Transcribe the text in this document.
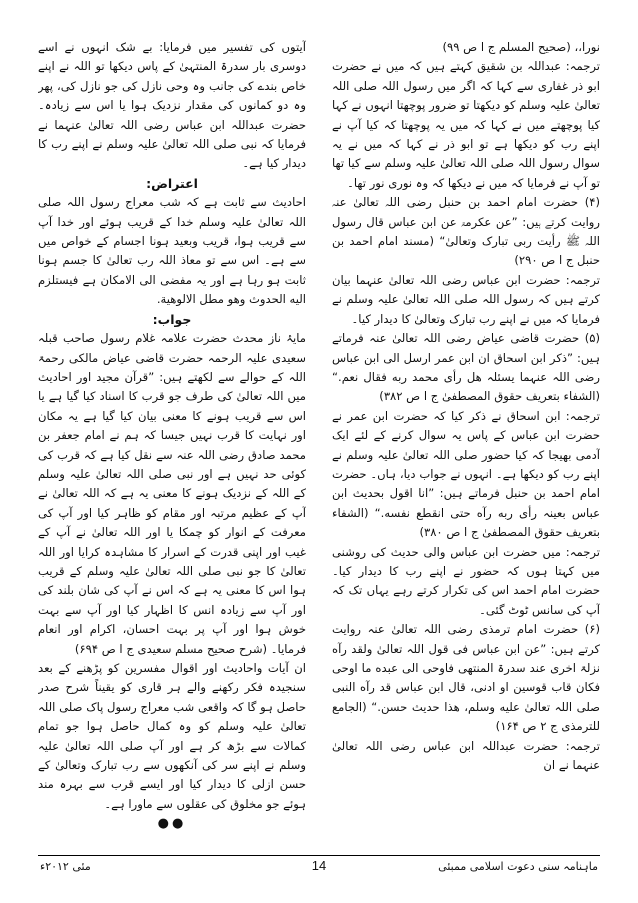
نورا،، (صحیح المسلم ج ا ص ۹۹)

ترجمہ: عبداللہ بن شقیق کہتے ہیں کہ میں نے حضرت ابو ذر غفاری سے کہا کہ اگر میں رسول اللہ صلی اللہ تعالیٰ علیہ وسلم کو دیکھتا تو ضرور پوچھتا انہوں نے کہا کیا پوچھتے میں نے کہا کہ میں یہ پوچھتا کہ کیا آپ نے اپنے رب کو دیکھا ہے تو ابو ذر نے کہا کہ میں نے یہ سوال رسول اللہ صلی اللہ تعالیٰ علیہ وسلم سے کیا تھا تو آپ نے فرمایا کہ میں نے دیکھا کہ وہ نوری نور تھا۔

(۴) حضرت امام احمد بن حنبل رضی اللہ تعالیٰ عنہ روایت کرتے ہیں: ”عن عکرمۃ عن ابن عباس قال رسول اللہ ﷺ رأیت ربی تبارک وتعالیٰ“ (مسند امام احمد بن حنبل ج ا ص ۲۹۰)

ترجمہ: حضرت ابن عباس رضی اللہ تعالیٰ عنہما بیان کرتے ہیں کہ رسول اللہ صلی اللہ تعالیٰ علیہ وسلم نے فرمایا کہ میں نے اپنے رب تبارک وتعالیٰ کا دیدار کیا۔

(۵) حضرت قاضی عیاض رضی اللہ تعالیٰ عنہ فرماتے ہیں: ”ذکر ابن اسحاق ان ابن عمر ارسل الی ابن عباس رضی اللہ عنہما یسئلہ هل رأی محمد ربه فقال نعم.“ (الشفاء بتعریف حقوق المصطفیٰ ج ا ص ۳۸۲)

ترجمہ: ابن اسحاق نے ذکر کیا کہ حضرت ابن عمر نے حضرت ابن عباس کے پاس یہ سوال کرنے کے لئے ایک آدمی بھیجا کہ کیا حضور صلی اللہ تعالیٰ علیہ وسلم نے اپنے رب کو دیکھا ہے۔ انہوں نے جواب دیا، ہاں۔ حضرت امام احمد بن حنبل فرماتے ہیں: ”انا اقول بحدیث ابن عباس بعینہ رأی ربه رآه حتی انقطع نفسه.“ (الشفاء بتعریف حقوق المصطفیٰ ج ا ص ۳۸۰)

ترجمہ: میں حضرت ابن عباس والی حدیث کی روشنی میں کہتا ہوں کہ حضور نے اپنے رب کا دیدار کیا۔ حضرت امام احمد اس کی تکرار کرتے رہے یہاں تک کہ آپ کی سانس ٹوٹ گئی۔

(۶) حضرت امام ترمذی رضی اللہ تعالیٰ عنہ روایت کرتے ہیں: ”عن ابن عباس فی قول اللہ تعالیٰ ولقد رآه نزلۃ اخری عند سدرۃ المنتهی فاوحی الی عبده ما اوحی فکان قاب قوسین او ادنی، قال ابن عباس قد رآه النبی صلی اللہ تعالیٰ علیه وسلم، هذا حدیث حسن.“ (الجامع للترمذی ج ۲ ص ۱۶۴)

ترجمہ: حضرت عبداللہ ابن عباس رضی اللہ تعالیٰ عنہما نے ان

آیتوں کی تفسیر میں فرمایا: بے شک انہوں نے اسے دوسری بار سدرۃ المنتہیٰ کے پاس دیکھا تو اللہ نے اپنے خاص بندے کی جانب وہ وحی نازل کی جو نازل کی، پھر وہ دو کمانوں کی مقدار نزدیک ہوا یا اس سے زیادہ۔ حضرت عبداللہ ابن عباس رضی اللہ تعالیٰ عنہما نے فرمایا کہ نبی صلی اللہ تعالیٰ علیہ وسلم نے اپنے رب کا دیدار کیا ہے۔

اعتراض:

احادیث سے ثابت ہے کہ شب معراج رسول اللہ صلی اللہ تعالیٰ علیہ وسلم خدا کے قریب ہوئے اور خدا آپ سے قریب ہوا، قریب وبعید ہونا اجسام کے خواص میں سے ہے۔ اس سے تو معاذ اللہ رب تعالیٰ کا جسم ہونا ثابت ہو رہا ہے اور یہ مفضی الی الامکان ہے فیستلزم الیه الحدوث وهو مطل الالوهیة.

جواب:

مایۂ ناز محدث حضرت علامہ غلام رسول صاحب قبلہ سعیدی علیہ الرحمہ حضرت قاضی عیاض مالکی رحمۃ اللہ کے حوالے سے لکھتے ہیں: ”قرآن مجید اور احادیث میں اللہ تعالیٰ کی طرف جو قرب کا اسناد کیا گیا ہے یا اس سے قریب ہونے کا معنی بیان کیا گیا ہے یہ مکان اور نہایت کا قرب نہیں جیسا کہ ہم نے امام جعفر بن محمد صادق رضی اللہ عنہ سے نقل کیا ہے کہ قرب کی کوئی حد نہیں ہے اور نبی صلی اللہ تعالیٰ علیہ وسلم کے اللہ کے نزدیک ہونے کا معنی یہ ہے کہ اللہ تعالیٰ نے آپ کے عظیم مرتبہ اور مقام کو ظاہر کیا اور آپ کی معرفت کے انوار کو چمکا یا اور اللہ تعالیٰ نے آپ کے غیب اور اپنی قدرت کے اسرار کا مشاہدہ کرایا اور اللہ تعالیٰ کا جو نبی صلی اللہ تعالیٰ علیہ وسلم کے قریب ہوا اس کا معنی یہ ہے کہ اس نے آپ کی شان بلند کی اور آپ سے زیادہ انس کا اظہار کیا اور آپ سے بہت خوش ہوا اور آپ پر بہت احسان، اکرام اور انعام فرمایا۔ (شرح صحیح مسلم سعیدی ج ا ص ۶۹۴)

ان آیات واحادیث اور اقوال مفسرین کو پڑھنے کے بعد سنجیدہ فکر رکھنے والے ہر قاری کو یقیناً شرح صدر حاصل ہو گا کہ واقعی شب معراج رسول پاک صلی اللہ تعالیٰ علیہ وسلم کو وہ کمال حاصل ہوا جو تمام کمالات سے بڑھ کر ہے اور آپ صلی اللہ تعالیٰ علیہ وسلم نے اپنے سر کی آنکھوں سے رب تبارک وتعالیٰ کے حسن ازلی کا دیدار کیا اور ایسے قرب سے بہرہ مند ہوئے جو مخلوق کی عقلوں سے ماورا ہے۔

●●

ماہنامہ سنی دعوت اسلامی ممبئی
14
مئی ۲۰۱۲ء
